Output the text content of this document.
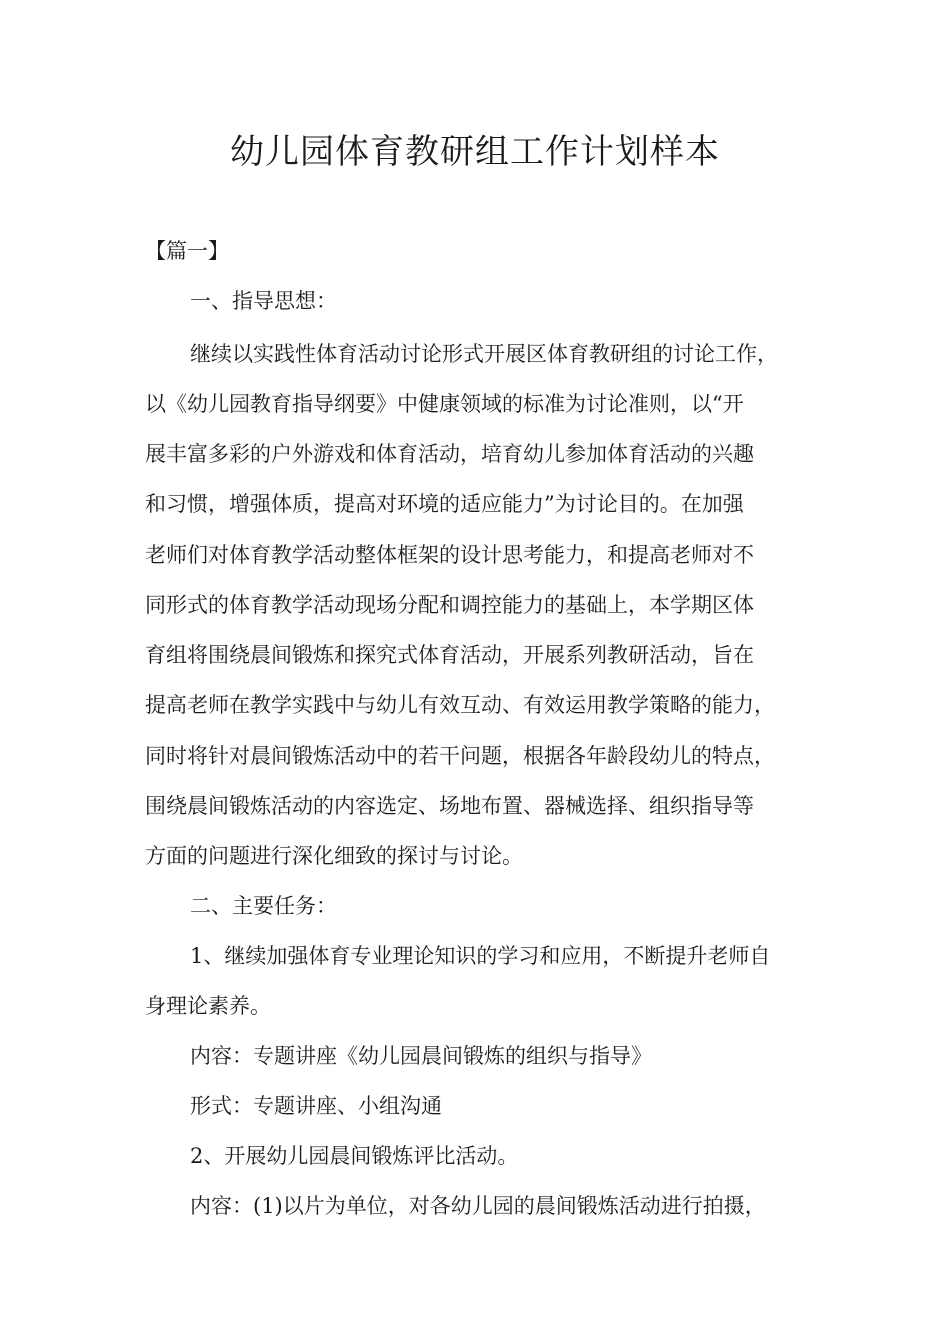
幼儿园体育教研组工作计划样本
【篇一】
一、指导思想：
继续以实践性体育活动讨论形式开展区体育教研组的讨论工作，
以《幼儿园教育指导纲要》中健康领域的标准为讨论准则，以“开
展丰富多彩的户外游戏和体育活动，培育幼儿参加体育活动的兴趣
和习惯，增强体质，提高对环境的适应能力”为讨论目的。在加强
老师们对体育教学活动整体框架的设计思考能力，和提高老师对不
同形式的体育教学活动现场分配和调控能力的基础上，本学期区体
育组将围绕晨间锻炼和探究式体育活动，开展系列教研活动，旨在
提高老师在教学实践中与幼儿有效互动、有效运用教学策略的能力，
同时将针对晨间锻炼活动中的若干问题，根据各年龄段幼儿的特点，
围绕晨间锻炼活动的内容选定、场地布置、器械选择、组织指导等
方面的问题进行深化细致的探讨与讨论。
二、主要任务：
1、继续加强体育专业理论知识的学习和应用，不断提升老师自
身理论素养。
内容：专题讲座《幼儿园晨间锻炼的组织与指导》
形式：专题讲座、小组沟通
2、开展幼儿园晨间锻炼评比活动。
内容：(1)以片为单位，对各幼儿园的晨间锻炼活动进行拍摄，
